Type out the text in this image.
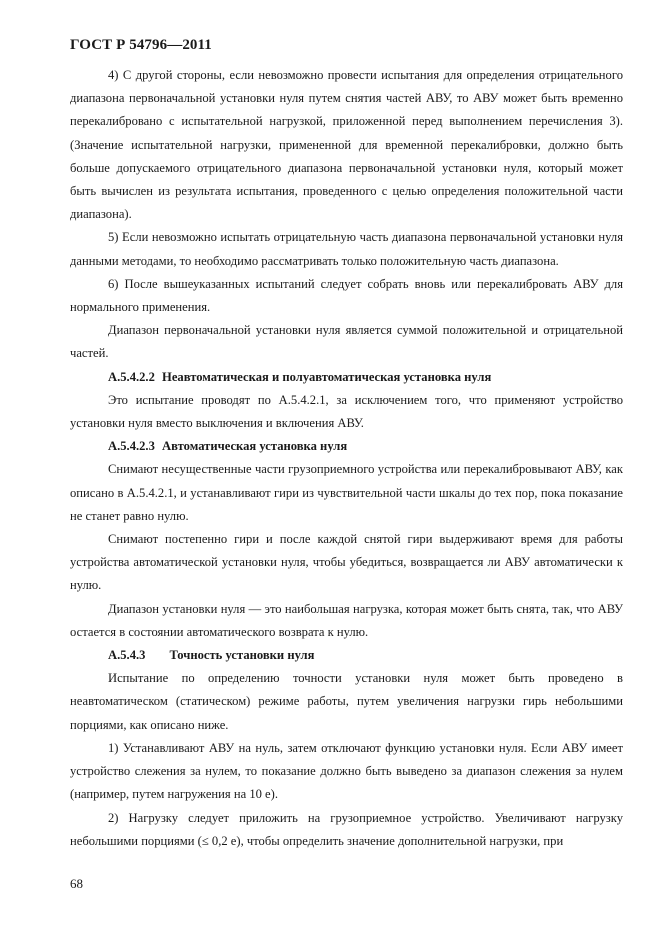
ГОСТ Р 54796—2011

4) С другой стороны, если невозможно провести испытания для определения отрицательного диапазона первоначальной установки нуля путем снятия частей АВУ, то АВУ может быть временно перекалибровано с испытательной нагрузкой, приложенной перед выполнением перечисления 3). (Значение испытательной нагрузки, примененной для временной перекалибровки, должно быть больше допускаемого отрицательного диапазона первоначальной установки нуля, который может быть вычислен из результата испытания, проведенного с целью определения положительной части диапазона).

5) Если невозможно испытать отрицательную часть диапазона первоначальной установки нуля данными методами, то необходимо рассматривать только положительную часть диапазона.

6) После вышеуказанных испытаний следует собрать вновь или перекалибровать АВУ для нормального применения.

Диапазон первоначальной установки нуля является суммой положительной и отрицательной частей.

А.5.4.2.2 Неавтоматическая и полуавтоматическая установка нуля

Это испытание проводят по А.5.4.2.1, за исключением того, что применяют устройство установки нуля вместо выключения и включения АВУ.

А.5.4.2.3 Автоматическая установка нуля

Снимают несущественные части грузоприемного устройства или перекалибровывают АВУ, как описано в А.5.4.2.1, и устанавливают гири из чувствительной части шкалы до тех пор, пока показание не станет равно нулю.

Снимают постепенно гири и после каждой снятой гири выдерживают время для работы устройства автоматической установки нуля, чтобы убедиться, возвращается ли АВУ автоматически к нулю.

Диапазон установки нуля — это наибольшая нагрузка, которая может быть снята, так, что АВУ остается в состоянии автоматического возврата к нулю.

А.5.4.3 Точность установки нуля

Испытание по определению точности установки нуля может быть проведено в неавтоматическом (статическом) режиме работы, путем увеличения нагрузки гирь небольшими порциями, как описано ниже.

1) Устанавливают АВУ на нуль, затем отключают функцию установки нуля. Если АВУ имеет устройство слежения за нулем, то показание должно быть выведено за диапазон слежения за нулем (например, путем нагружения на 10 e).

2) Нагрузку следует приложить на грузоприемное устройство. Увеличивают нагрузку небольшими порциями (≤ 0,2 e), чтобы определить значение дополнительной нагрузки, при

68
